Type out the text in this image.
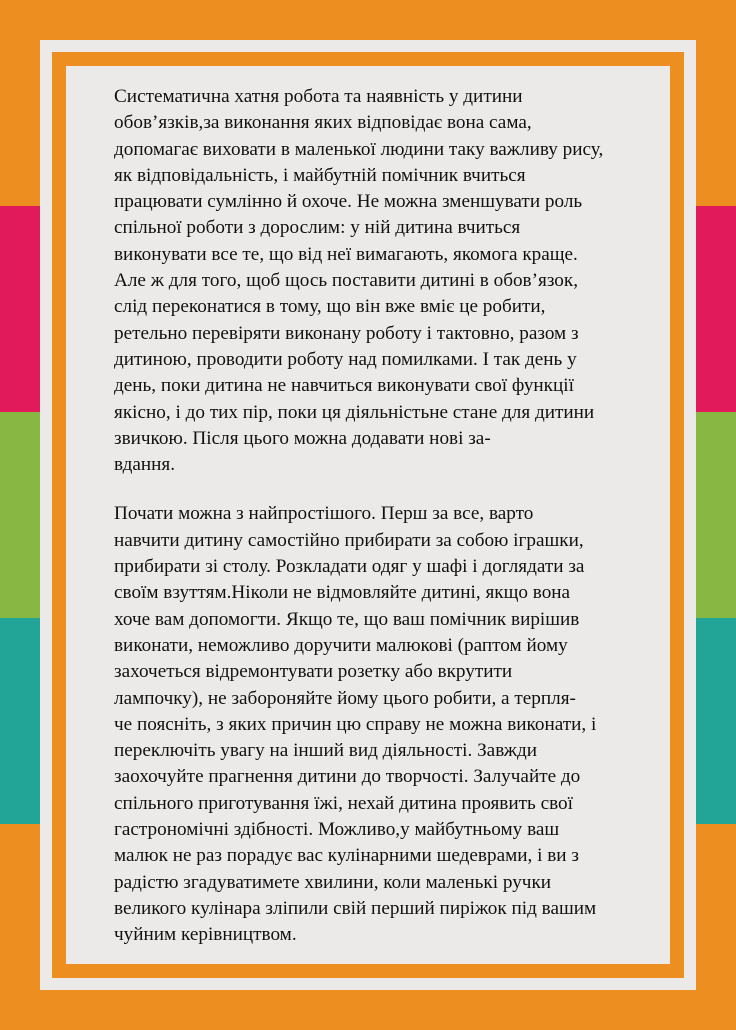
Систематична хатня робота та наявність у дитини
обов’язків,за виконання яких відповідає вона сама,
допомагає виховати в маленької людини таку важливу рису,
як відповідальність, і майбутній помічник вчиться
працювати сумлінно й охоче. Не можна зменшувати роль
спільної роботи з дорослим: у ній дитина вчиться
виконувати все те, що від неї вимагають, якомога краще.
Але ж для того, щоб щось поставити дитині в обов’язок,
слід переконатися в тому, що він вже вміє це робити,
ретельно перевіряти виконану роботу і тактовно, разом з
дитиною, проводити роботу над помилками. І так день у
день, поки дитина не навчиться виконувати свої функції
якісно, і до тих пір, поки ця діяльністьне стане для дитини
звичкою. Після цього можна додавати нові за-
вдання.
Почати можна з найпростішого. Перш за все, варто
навчити дитину самостійно прибирати за собою іграшки,
прибирати зі столу. Розкладати одяг у шафі і доглядати за
своїм взуттям.Ніколи не відмовляйте дитині, якщо вона
хоче вам допомогти. Якщо те, що ваш помічник вирішив
виконати, неможливо доручити малюкові (раптом йому
захочеться відремонтувати розетку або вкрутити
лампочку), не забороняйте йому цього робити, а терпля-
че поясніть, з яких причин цю справу не можна виконати, і
переключіть увагу на інший вид діяльності. Завжди
заохочуйте прагнення дитини до творчості. Залучайте до
спільного приготування їжі, нехай дитина проявить свої
гастрономічні здібності. Можливо,у майбутньому ваш
малюк не раз порадує вас кулінарними шедеврами, і ви з
радістю згадуватимете хвилини, коли маленькі ручки
великого кулінара зліпили свій перший пиріжок під вашим
чуйним керівництвом.
